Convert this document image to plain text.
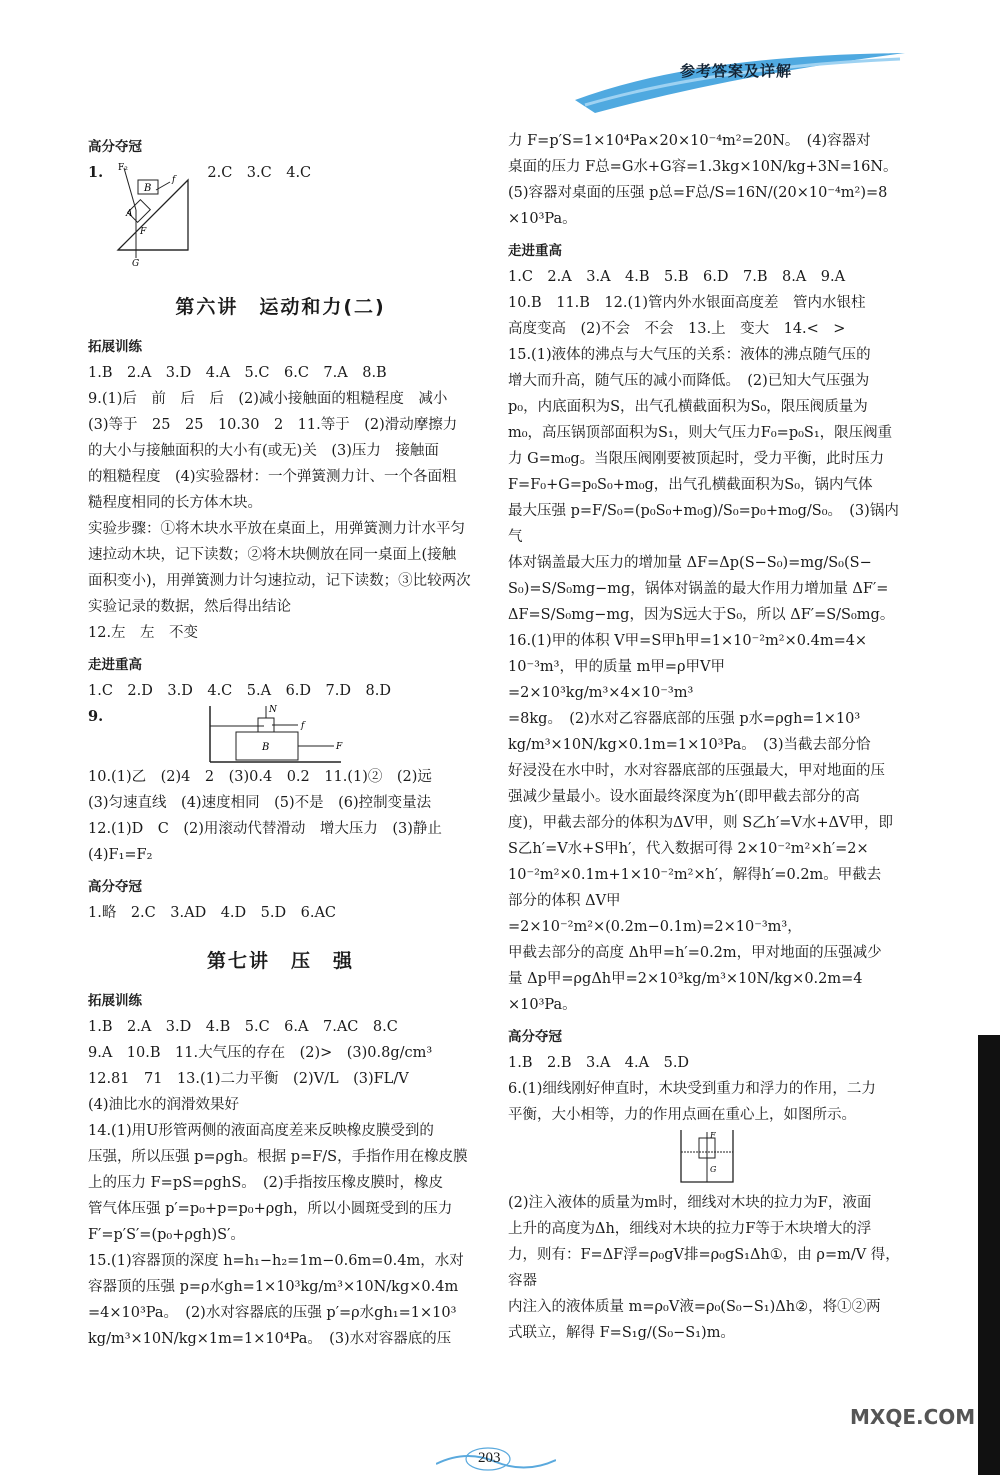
参考答案及详解

高分夺冠

1. F₂
B
A
f
F
G
2.C　3.C　4.C

第六讲　运动和力(二)

拓展训练

1.B　2.A　3.D　4.A　5.C　6.C　7.A　8.B

9.(1)后　前　后　后　(2)减小接触面的粗糙程度　减小

(3)等于　25　25　10.30　2　11.等于　(2)滑动摩擦力

的大小与接触面积的大小有(或无)关　(3)压力　接触面

的粗糙程度　(4)实验器材：一个弹簧测力计、一个各面粗

糙程度相同的长方体木块。

实验步骤：①将木块水平放在桌面上，用弹簧测力计水平匀

速拉动木块，记下读数；②将木块侧放在同一桌面上(接触

面积变小)，用弹簧测力计匀速拉动，记下读数；③比较两次

实验记录的数据，然后得出结论

12.左　左　不变

走进重高

1.C　2.D　3.D　4.C　5.A　6.D　7.D　8.D

9.	N
f
F
B

10.(1)乙　(2)4　2　(3)0.4　0.2　11.(1)②　(2)远

(3)匀速直线　(4)速度相同　(5)不是　(6)控制变量法

12.(1)D　C　(2)用滚动代替滑动　增大压力　(3)静止

(4)F₁=F₂

高分夺冠

1.略　2.C　3.AD　4.D　5.D　6.AC

第七讲　压　强

拓展训练

1.B　2.A　3.D　4.B　5.C　6.A　7.AC　8.C

9.A　10.B　11.大气压的存在　(2)>　(3)0.8g/cm³

12.81　71　13.(1)二力平衡　(2)V/L　(3)FL/V

(4)油比水的润滑效果好

14.(1)用U形管两侧的液面高度差来反映橡皮膜受到的

压强，所以压强 p=ρgh。根据 p=F/S，手指作用在橡皮膜

上的压力 F=pS=ρghS。　(2)手指按压橡皮膜时，橡皮

管气体压强 p′=p₀+p=p₀+ρgh，所以小圆斑受到的压力

F′=p′S′=(p₀+ρgh)S′。

15.(1)容器顶的深度 h=h₁−h₂=1m−0.6m=0.4m，水对

容器顶的压强 p=ρ水gh=1×10³kg/m³×10N/kg×0.4m

=4×10³Pa。　(2)水对容器底的压强 p′=ρ水gh₁=1×10³

kg/m³×10N/kg×1m=1×10⁴Pa。　(3)水对容器底的压

力 F=p′S=1×10⁴Pa×20×10⁻⁴m²=20N。　(4)容器对

桌面的压力 F总=G水+G容=1.3kg×10N/kg+3N=16N。

(5)容器对桌面的压强 p总=F总/S=16N/(20×10⁻⁴m²)=8

×10³Pa。

走进重高

1.C　2.A　3.A　4.B　5.B　6.D　7.B　8.A　9.A

10.B　11.B　12.(1)管内外水银面高度差　管内水银柱

高度变高　(2)不会　不会　13.上　变大　14.<　>

15.(1)液体的沸点与大气压的关系：液体的沸点随气压的

增大而升高，随气压的减小而降低。　(2)已知大气压强为

p₀，内底面积为S，出气孔横截面积为S₀，限压阀质量为

m₀，高压锅顶部面积为S₁，则大气压力F₀=p₀S₁，限压阀重

力 G=m₀g。当限压阀刚要被顶起时，受力平衡，此时压力

F=F₀+G=p₀S₀+m₀g，出气孔横截面积为S₀，锅内气体

最大压强 p=F/S₀=(p₀S₀+m₀g)/S₀=p₀+m₀g/S₀。　(3)锅内气

体对锅盖最大压力的增加量 ΔF=Δp(S−S₀)=mg/S₀(S−

S₀)=S/S₀mg−mg，锅体对锅盖的最大作用力增加量 ΔF′=

ΔF=S/S₀mg−mg，因为S远大于S₀，所以 ΔF′=S/S₀mg。

16.(1)甲的体积 V甲=S甲h甲=1×10⁻²m²×0.4m=4×

10⁻³m³，甲的质量 m甲=ρ甲V甲=2×10³kg/m³×4×10⁻³m³

=8kg。　(2)水对乙容器底部的压强 p水=ρgh=1×10³

kg/m³×10N/kg×0.1m=1×10³Pa。　(3)当截去部分恰

好浸没在水中时，水对容器底部的压强最大，甲对地面的压

强减少量最小。设水面最终深度为h′(即甲截去部分的高

度)，甲截去部分的体积为ΔV甲，则 S乙h′=V水+ΔV甲，即

S乙h′=V水+S甲h′，代入数据可得 2×10⁻²m²×h′=2×

10⁻²m²×0.1m+1×10⁻²m²×h′，解得h′=0.2m。甲截去

部分的体积 ΔV甲=2×10⁻²m²×(0.2m−0.1m)=2×10⁻³m³，

甲截去部分的高度 Δh甲=h′=0.2m，甲对地面的压强减少

量 Δp甲=ρgΔh甲=2×10³kg/m³×10N/kg×0.2m=4

×10³Pa。

高分夺冠

1.B　2.B　3.A　4.A　5.D

6.(1)细线刚好伸直时，木块受到重力和浮力的作用，二力

平衡，大小相等，力的作用点画在重心上，如图所示。

F
G

(2)注入液体的质量为m时，细线对木块的拉力为F，液面

上升的高度为Δh，细线对木块的拉力F等于木块增大的浮

力，则有：F=ΔF浮=ρ₀gV排=ρ₀gS₁Δh①，由 ρ=m/V 得，容器

内注入的液体质量 m=ρ₀V液=ρ₀(S₀−S₁)Δh②，将①②两

式联立，解得 F=S₁g/(S₀−S₁)m。

203
MXQE.COM
